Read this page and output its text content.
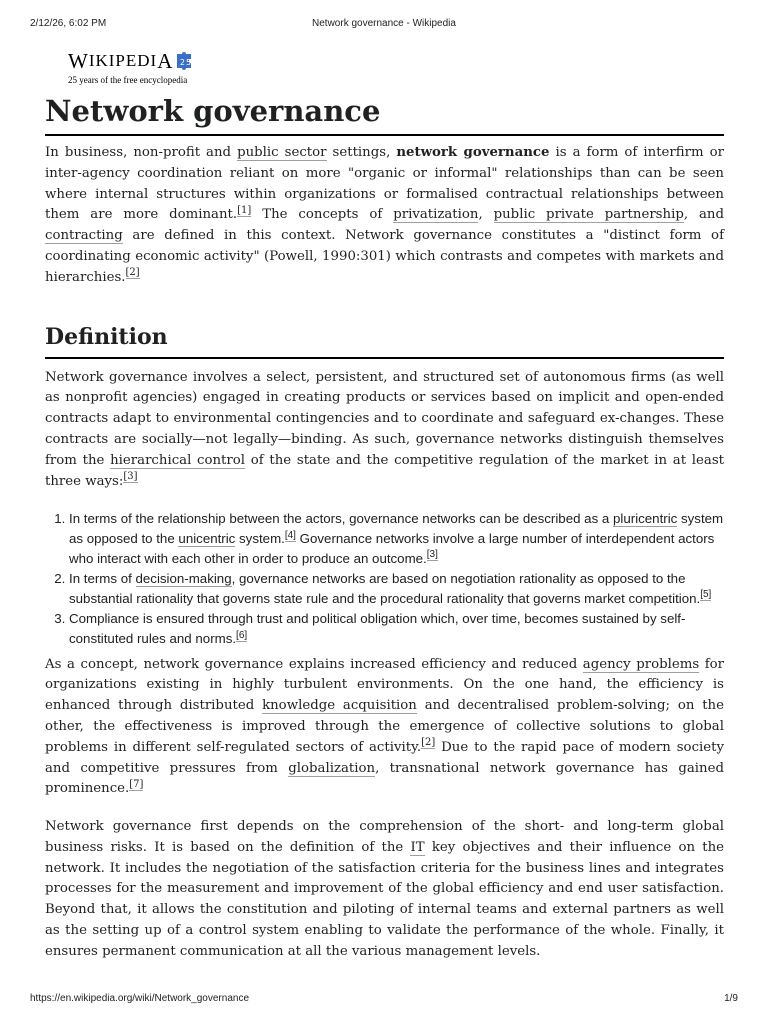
2/12/26, 6:02 PM	Network governance - Wikipedia
W IKIPEDI A 25
25 years of the free encyclopedia
Network governance

In business, non-profit and public sector settings, network governance is a form of interfirm or inter-agency coordination reliant on more "organic or informal" relationships than can be seen where internal structures within organizations or formalised contractual relationships between them are more dominant.[1] The concepts of privatization, public private partnership, and contracting are defined in this context. Network governance constitutes a "distinct form of coordinating economic activity" (Powell, 1990:301) which contrasts and competes with markets and hierarchies.[2]

Definition

Network governance involves a select, persistent, and structured set of autonomous firms (as well as nonprofit agencies) engaged in creating products or services based on implicit and open-ended contracts adapt to environmental contingencies and to coordinate and safeguard ex-changes. These contracts are socially—not legally—binding. As such, governance networks distinguish themselves from the hierarchical control of the state and the competitive regulation of the market in at least three ways:[3]

1. In terms of the relationship between the actors, governance networks can be described as a pluricentric system as opposed to the unicentric system.[4] Governance networks involve a large number of interdependent actors who interact with each other in order to produce an outcome.[3]
2. In terms of decision-making, governance networks are based on negotiation rationality as opposed to the substantial rationality that governs state rule and the procedural rationality that governs market competition.[5]
3. Compliance is ensured through trust and political obligation which, over time, becomes sustained by self-constituted rules and norms.[6]

As a concept, network governance explains increased efficiency and reduced agency problems for organizations existing in highly turbulent environments. On the one hand, the efficiency is enhanced through distributed knowledge acquisition and decentralised problem-solving; on the other, the effectiveness is improved through the emergence of collective solutions to global problems in different self-regulated sectors of activity.[2] Due to the rapid pace of modern society and competitive pressures from globalization, transnational network governance has gained prominence.[7]

Network governance first depends on the comprehension of the short- and long-term global business risks. It is based on the definition of the IT key objectives and their influence on the network. It includes the negotiation of the satisfaction criteria for the business lines and integrates processes for the measurement and improvement of the global efficiency and end user satisfaction. Beyond that, it allows the constitution and piloting of internal teams and external partners as well as the setting up of a control system enabling to validate the performance of the whole. Finally, it ensures permanent communication at all the various management levels.

https://en.wikipedia.org/wiki/Network_governance	1/9
